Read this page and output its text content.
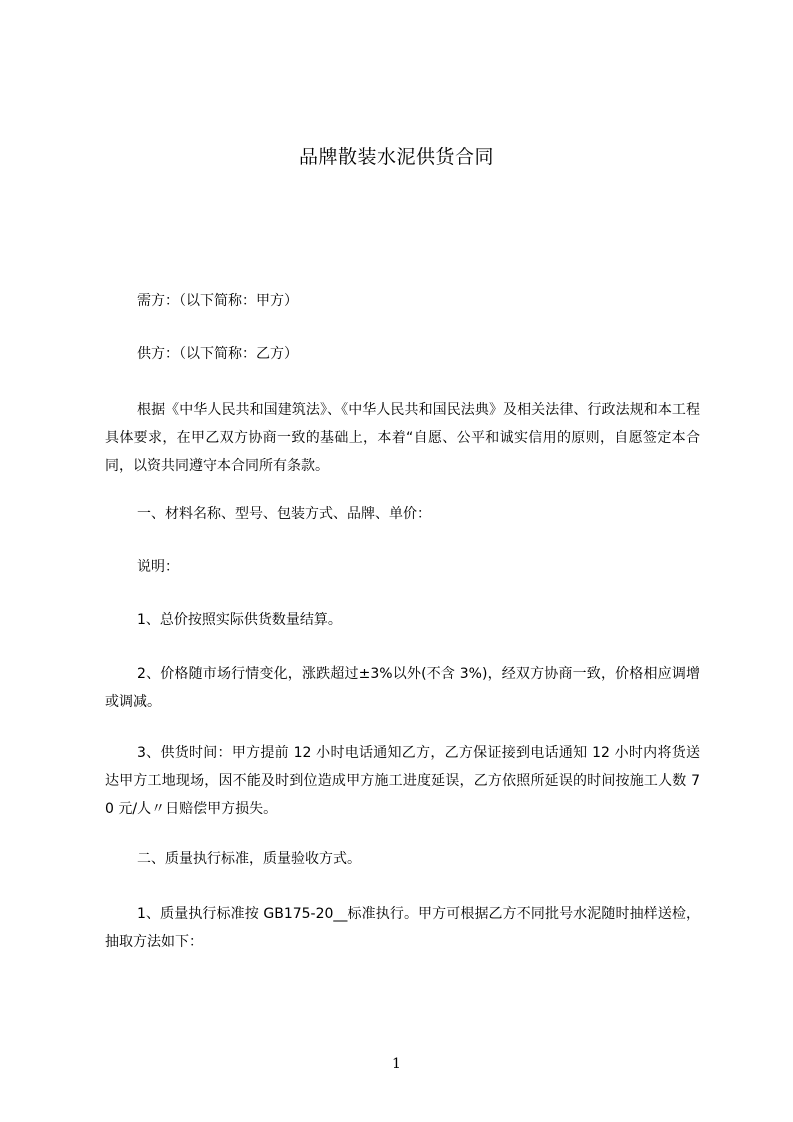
品牌散装水泥供货合同
需方：（以下简称：甲方）
供方：（以下简称：乙方）
根据《中华人民共和国建筑法》、《中华人民共和国民法典》及相关法律、行政法规和本工程具体要求，在甲乙双方协商一致的基础上，本着“自愿、公平和诚实信用的原则，自愿签定本合同，以资共同遵守本合同所有条款。
一、材料名称、型号、包装方式、品牌、单价：
说明：
1、总价按照实际供货数量结算。
2、价格随市场行情变化，涨跌超过±3%以外(不含 3%)，经双方协商一致，价格相应调增或调减。
3、供货时间：甲方提前 12 小时电话通知乙方，乙方保证接到电话通知 12 小时内将货送达甲方工地现场，因不能及时到位造成甲方施工进度延误，乙方依照所延误的时间按施工人数 70 元/人〃日赔偿甲方损失。
二、质量执行标准，质量验收方式。
1、质量执行标准按 GB175-20__标准执行。甲方可根据乙方不同批号水泥随时抽样送检，抽取方法如下：
1
